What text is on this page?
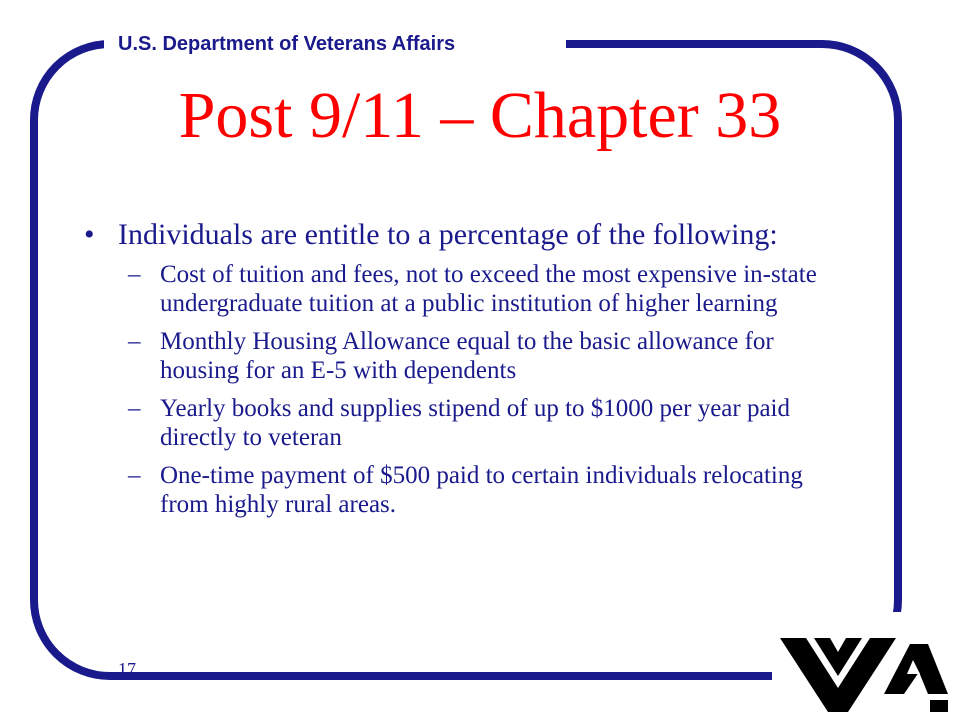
U.S. Department of Veterans Affairs
Post 9/11 – Chapter 33
• Individuals are entitle to a percentage of the following:
– Cost of tuition and fees, not to exceed the most expensive in-state undergraduate tuition at a public institution of higher learning
– Monthly Housing Allowance equal to the basic allowance for housing for an E-5 with dependents
– Yearly books and supplies stipend of up to $1000 per year paid directly to veteran
– One-time payment of $500 paid to certain individuals relocating from highly rural areas.
17
